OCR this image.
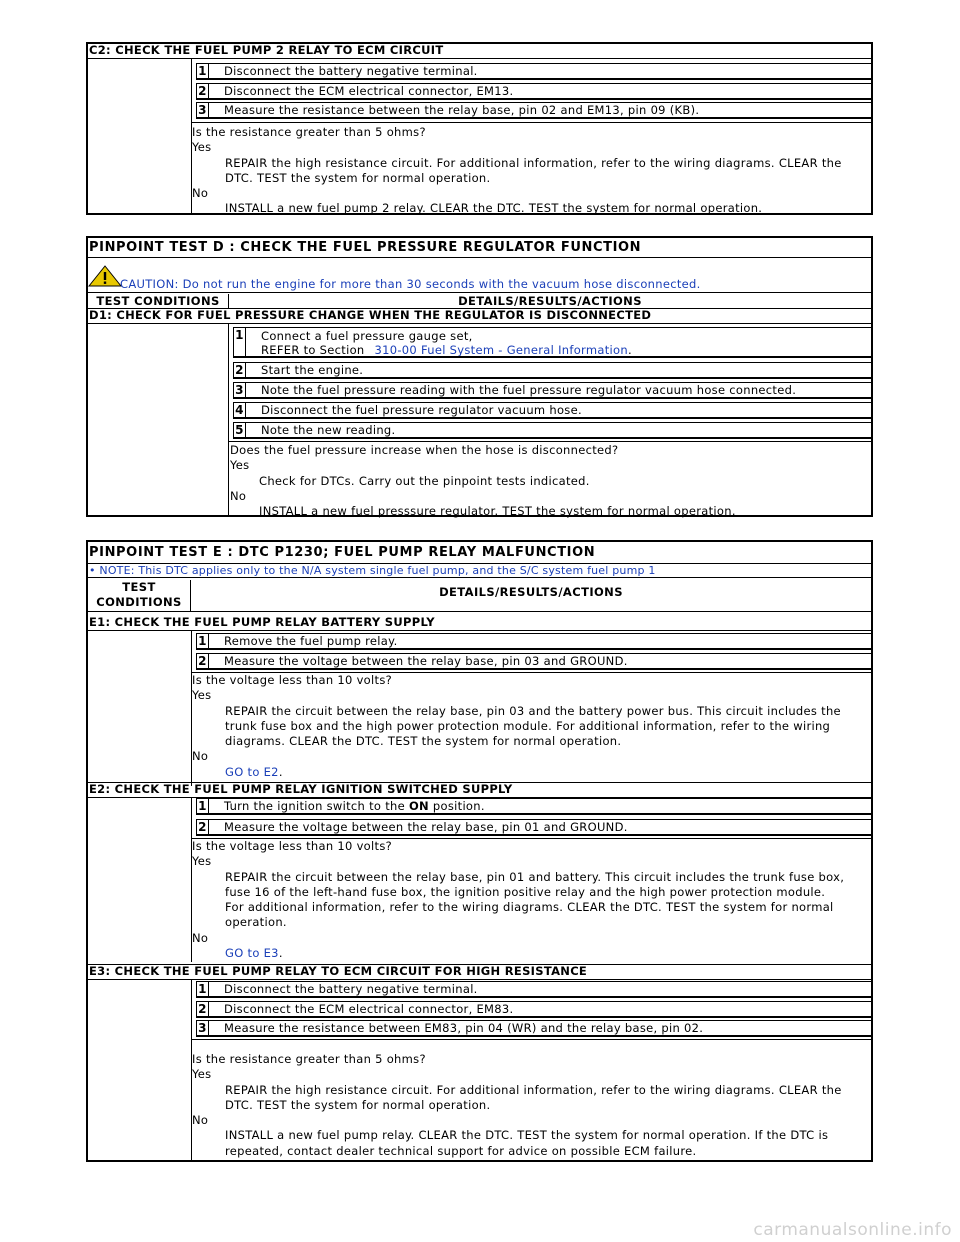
C2: CHECK THE FUEL PUMP 2 RELAY TO ECM CIRCUIT
1 Disconnect the battery negative terminal.
2 Disconnect the ECM electrical connector, EM13.
3 Measure the resistance between the relay base, pin 02 and EM13, pin 09 (KB).
Is the resistance greater than 5 ohms?
Yes
REPAIR the high resistance circuit. For additional information, refer to the wiring diagrams. CLEAR the
DTC. TEST the system for normal operation.
No
INSTALL a new fuel pump 2 relay. CLEAR the DTC. TEST the system for normal operation.
PINPOINT TEST D : CHECK THE FUEL PRESSURE REGULATOR FUNCTION
CAUTION: Do not run the engine for more than 30 seconds with the vacuum hose disconnected.
TEST CONDITIONS	DETAILS/RESULTS/ACTIONS
D1: CHECK FOR FUEL PRESSURE CHANGE WHEN THE REGULATOR IS DISCONNECTED
1 Connect a fuel pressure gauge set,
REFER to Section 310-00 Fuel System - General Information.
2 Start the engine.
3 Note the fuel pressure reading with the fuel pressure regulator vacuum hose connected.
4 Disconnect the fuel pressure regulator vacuum hose.
5 Note the new reading.
Does the fuel pressure increase when the hose is disconnected?
Yes
Check for DTCs. Carry out the pinpoint tests indicated.
No
INSTALL a new fuel presssure regulator. TEST the system for normal operation.
PINPOINT TEST E : DTC P1230; FUEL PUMP RELAY MALFUNCTION
• NOTE: This DTC applies only to the N/A system single fuel pump, and the S/C system fuel pump 1
TEST
CONDITIONS
DETAILS/RESULTS/ACTIONS
E1: CHECK THE FUEL PUMP RELAY BATTERY SUPPLY
1 Remove the fuel pump relay.
2 Measure the voltage between the relay base, pin 03 and GROUND.
Is the voltage less than 10 volts?
Yes
REPAIR the circuit between the relay base, pin 03 and the battery power bus. This circuit includes the
trunk fuse box and the high power protection module. For additional information, refer to the wiring
diagrams. CLEAR the DTC. TEST the system for normal operation.
No
GO to E2.
E2: CHECK THE FUEL PUMP RELAY IGNITION SWITCHED SUPPLY
1 Turn the ignition switch to the ON position.
2 Measure the voltage between the relay base, pin 01 and GROUND.
Is the voltage less than 10 volts?
Yes
REPAIR the circuit between the relay base, pin 01 and battery. This circuit includes the trunk fuse box,
fuse 16 of the left-hand fuse box, the ignition positive relay and the high power protection module.
For additional information, refer to the wiring diagrams. CLEAR the DTC. TEST the system for normal
operation.
No
GO to E3.
E3: CHECK THE FUEL PUMP RELAY TO ECM CIRCUIT FOR HIGH RESISTANCE
1 Disconnect the battery negative terminal.
2 Disconnect the ECM electrical connector, EM83.
3 Measure the resistance between EM83, pin 04 (WR) and the relay base, pin 02.
Is the resistance greater than 5 ohms?
Yes
REPAIR the high resistance circuit. For additional information, refer to the wiring diagrams. CLEAR the
DTC. TEST the system for normal operation.
No
INSTALL a new fuel pump relay. CLEAR the DTC. TEST the system for normal operation. If the DTC is
repeated, contact dealer technical support for advice on possible ECM failure.
carmanualsonline.info
